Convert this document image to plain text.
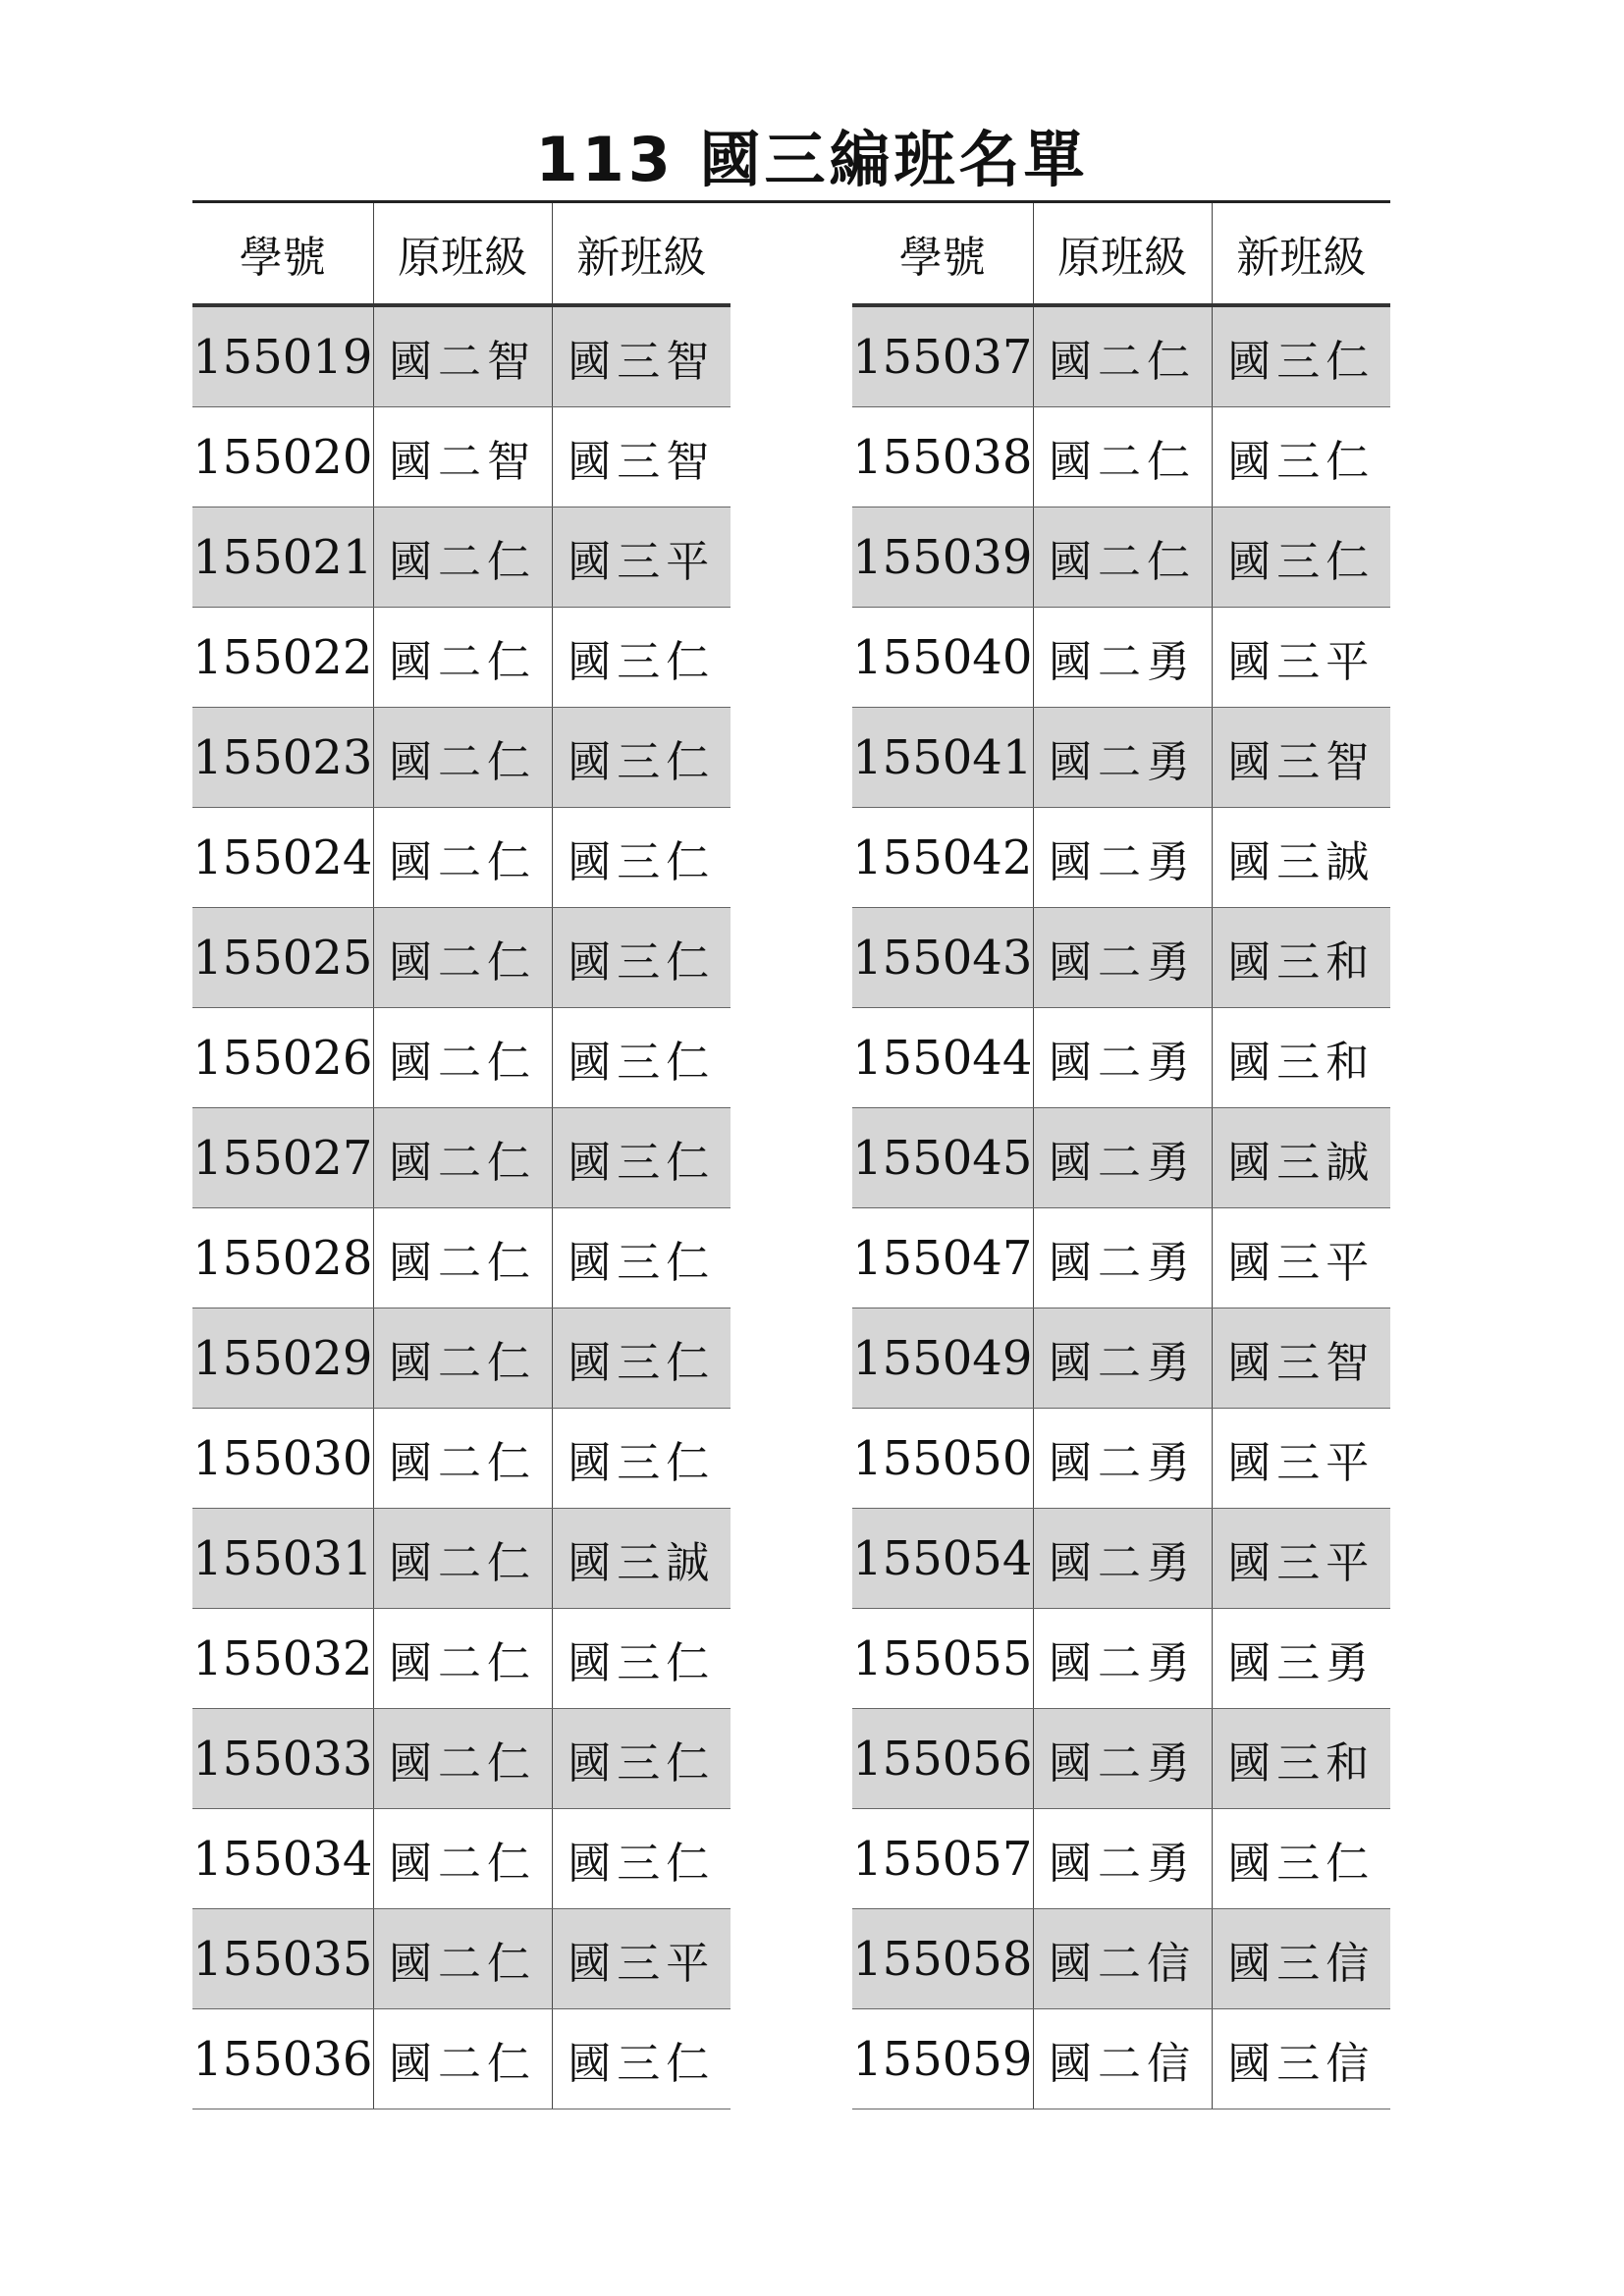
113 國三編班名單
學號	原班級	新班級
155019	國二智	國三智
155020	國二智	國三智
155021	國二仁	國三平
155022	國二仁	國三仁
155023	國二仁	國三仁
155024	國二仁	國三仁
155025	國二仁	國三仁
155026	國二仁	國三仁
155027	國二仁	國三仁
155028	國二仁	國三仁
155029	國二仁	國三仁
155030	國二仁	國三仁
155031	國二仁	國三誠
155032	國二仁	國三仁
155033	國二仁	國三仁
155034	國二仁	國三仁
155035	國二仁	國三平
155036	國二仁	國三仁
學號	原班級	新班級
155037	國二仁	國三仁
155038	國二仁	國三仁
155039	國二仁	國三仁
155040	國二勇	國三平
155041	國二勇	國三智
155042	國二勇	國三誠
155043	國二勇	國三和
155044	國二勇	國三和
155045	國二勇	國三誠
155047	國二勇	國三平
155049	國二勇	國三智
155050	國二勇	國三平
155054	國二勇	國三平
155055	國二勇	國三勇
155056	國二勇	國三和
155057	國二勇	國三仁
155058	國二信	國三信
155059	國二信	國三信
